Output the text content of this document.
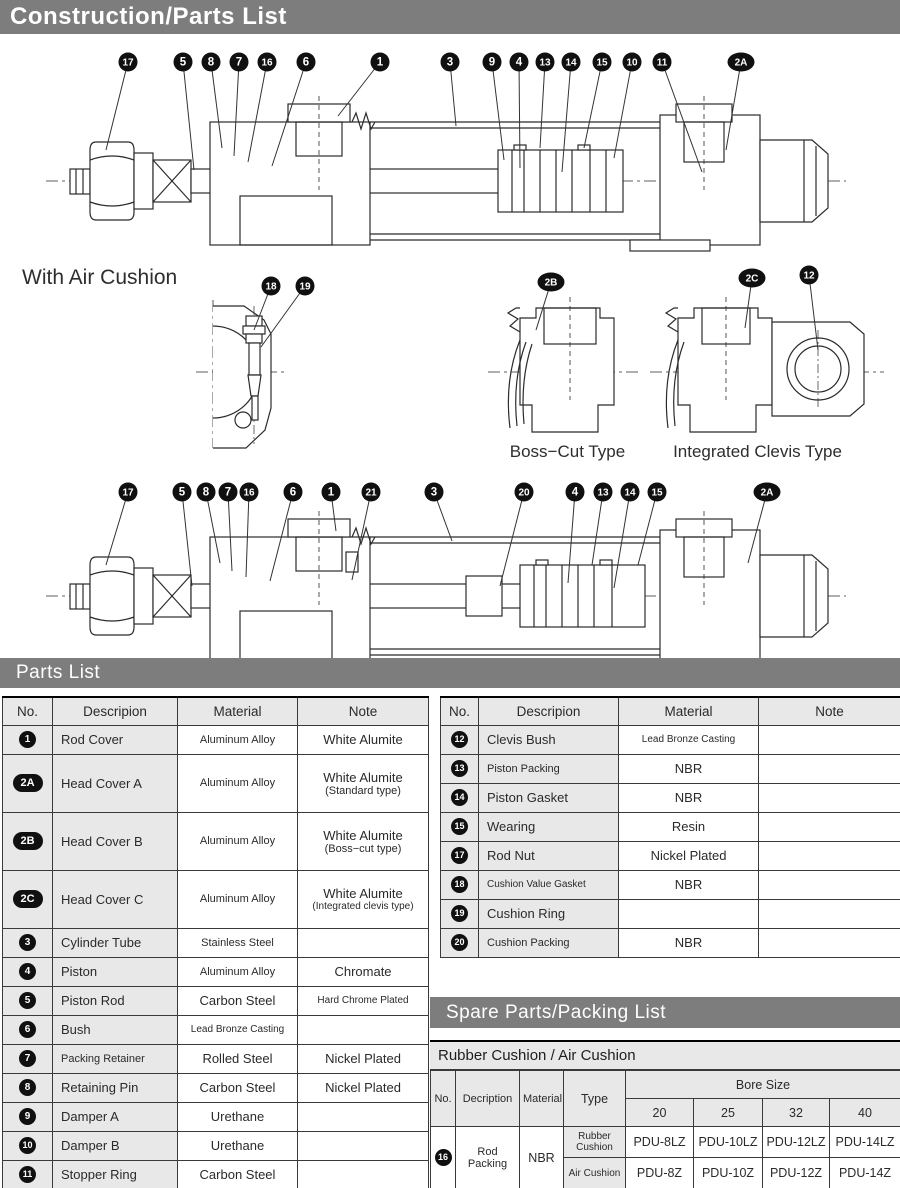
Construction/Parts List
17	5 8 7 16	6	1	3	9 4 13 14 15 10 11	2A
18 19	2B	2C	12
17	5 8 7 16	6	1	21	3	20	4 13 14 15	2A
With Air Cushion
Boss−Cut Type	Integrated Clevis Type
Parts List
No.	Descripion	Material	Note
1	Rod Cover	Aluminum Alloy	White Alumite
2A	Head Cover A	Aluminum Alloy	White Alumite
(Standard type)

2B	Head Cover B	Aluminum Alloy	White Alumite
(Boss−cut type)

2C	Head Cover C	Aluminum Alloy	White Alumite
(Integrated clevis type)

3	Cylinder Tube	Stainless Steel	
4	Piston	Aluminum Alloy	Chromate
5	Piston Rod	Carbon Steel	Hard Chrome Plated
6	Bush	Lead Bronze Casting	
7	Packing Retainer	Rolled Steel	Nickel Plated
8	Retaining Pin	Carbon Steel	Nickel Plated
9	Damper A	Urethane	
10	Damper B	Urethane	
11	Stopper Ring	Carbon Steel	
No.	Descripion	Material	Note
12	Clevis Bush	Lead Bronze Casting	
13	Piston Packing	NBR	
14	Piston Gasket	NBR	
15	Wearing	Resin	
17	Rod Nut	Nickel Plated	
18	Cushion Value Gasket	NBR	
19	Cushion Ring		
20	Cushion Packing	NBR	
Spare Parts/Packing List
Rubber Cushion / Air Cushion
No.	Decription	Material	Type	Bore Size			
				20	25	32	40
16	Rod Packing	NBR	Rubber Cushion	PDU-8LZ	PDU-10LZ	PDU-12LZ	PDU-14LZ
			Air Cushion	PDU-8Z	PDU-10Z	PDU-12Z	PDU-14Z
